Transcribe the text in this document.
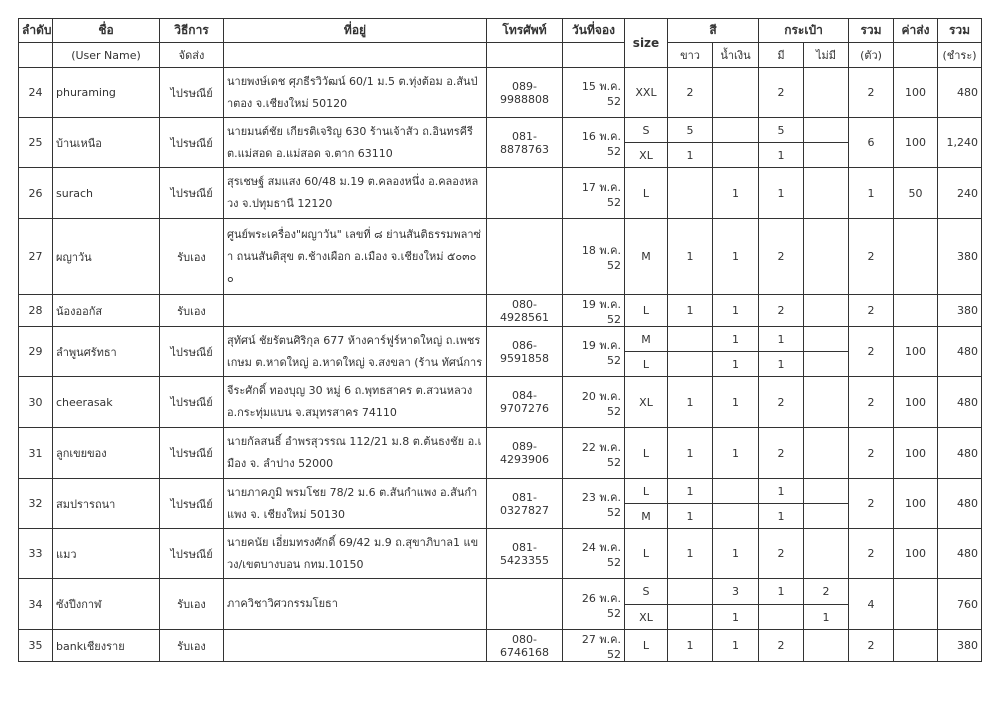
ลำดับ	ชื่อ	วิธีการ	ที่อยู่	โทรศัพท์	วันที่จอง	size	สี		กระเป๋า		รวม	ค่าส่ง	รวม
	(User Name)	จัดส่ง					ขาว	น้ำเงิน	มี	ไม่มี	(ตัว)		(ชำระ)
24	phuraming	ไปรษณีย์	นายพงษ์เดช ศุภธีรวิวัฒน์ 60/1 ม.5 ต.ทุ่งต้อม อ.สันป่าตอง จ.เชียงใหม่ 50120	089-9988808	15 พ.ค. 52	XXL	2		2		2	100	480
25	บ้านเหนือ	ไปรษณีย์	นายมนต์ชัย เกียรติเจริญ 630 ร้านเจ้าสัว ถ.อินทรคีรี ต.แม่สอด อ.แม่สอด จ.ตาก 63110	081-8878763	16 พ.ค. 52	S	5		5		6	100	1,240
						XL	1		1				
26	surach	ไปรษณีย์	สุรเชษฐ์ สมแสง 60/48 ม.19 ต.คลองหนึ่ง อ.คลองหลวง จ.ปทุมธานี 12120		17 พ.ค. 52	L		1	1		1	50	240
27	ผญาวัน	รับเอง	ศูนย์พระเครื่อง"ผญาวัน" เลขที่ ๘ ย่านสันติธรรมพลาซ่า ถนนสันติสุข ต.ช้างเผือก อ.เมือง จ.เชียงใหม่ ๕๐๓๐๐		18 พ.ค. 52	M	1	1	2		2		380
28	น้องออกัส	รับเอง		080-4928561	19 พ.ค. 52	L	1	1	2		2		380
29	ลำพูนศรัทธา	ไปรษณีย์	สุทัศน์ ชัยรัตนศิริกุล 677 ห้างคาร์ฟูร์หาดใหญ่ ถ.เพชรเกษม ต.หาดใหญ่ อ.หาดใหญ่ จ.สงขลา (ร้าน ทัศน์การ	086-9591858	19 พ.ค. 52	M		1	1		2	100	480
						L		1	1				
30	cheerasak	ไปรษณีย์	จีระศักดิ์ ทองบุญ 30 หมู่ 6 ถ.พุทธสาคร ต.สวนหลวง อ.กระทุ่มแบน จ.สมุทรสาคร 74110	084-9707276	20 พ.ค. 52	XL	1	1	2		2	100	480
31	ลูกเขยของ	ไปรษณีย์	นายกัลสนธิ์ อำพรสุวรรณ 112/21 ม.8 ต.ต้นธงชัย อ.เมือง จ. ลำปาง 52000	089-4293906	22 พ.ค. 52	L	1	1	2		2	100	480
32	สมปรารถนา	ไปรษณีย์	นายภาคภูมิ พรมโชย 78/2 ม.6 ต.สันกำแพง อ.สันกำแพง จ. เชียงใหม่ 50130	081-0327827	23 พ.ค. 52	L	1		1		2	100	480
						M	1		1				
33	แมว	ไปรษณีย์	นายคนัย เอี่ยมทรงศักดิ์ 69/42 ม.9 ถ.สุขาภิบาล1 แขวง/เขตบางบอน กทม.10150	081-5423355	24 พ.ค. 52	L	1	1	2		2	100	480
34	ซังปีงกาฬ	รับเอง	ภาควิชาวิศวกรรมโยธา		26 พ.ค. 52	S		3	1	2	4		760
						XL		1		1			
35	bankเชียงราย	รับเอง		080-6746168	27 พ.ค. 52	L	1	1	2		2		380
